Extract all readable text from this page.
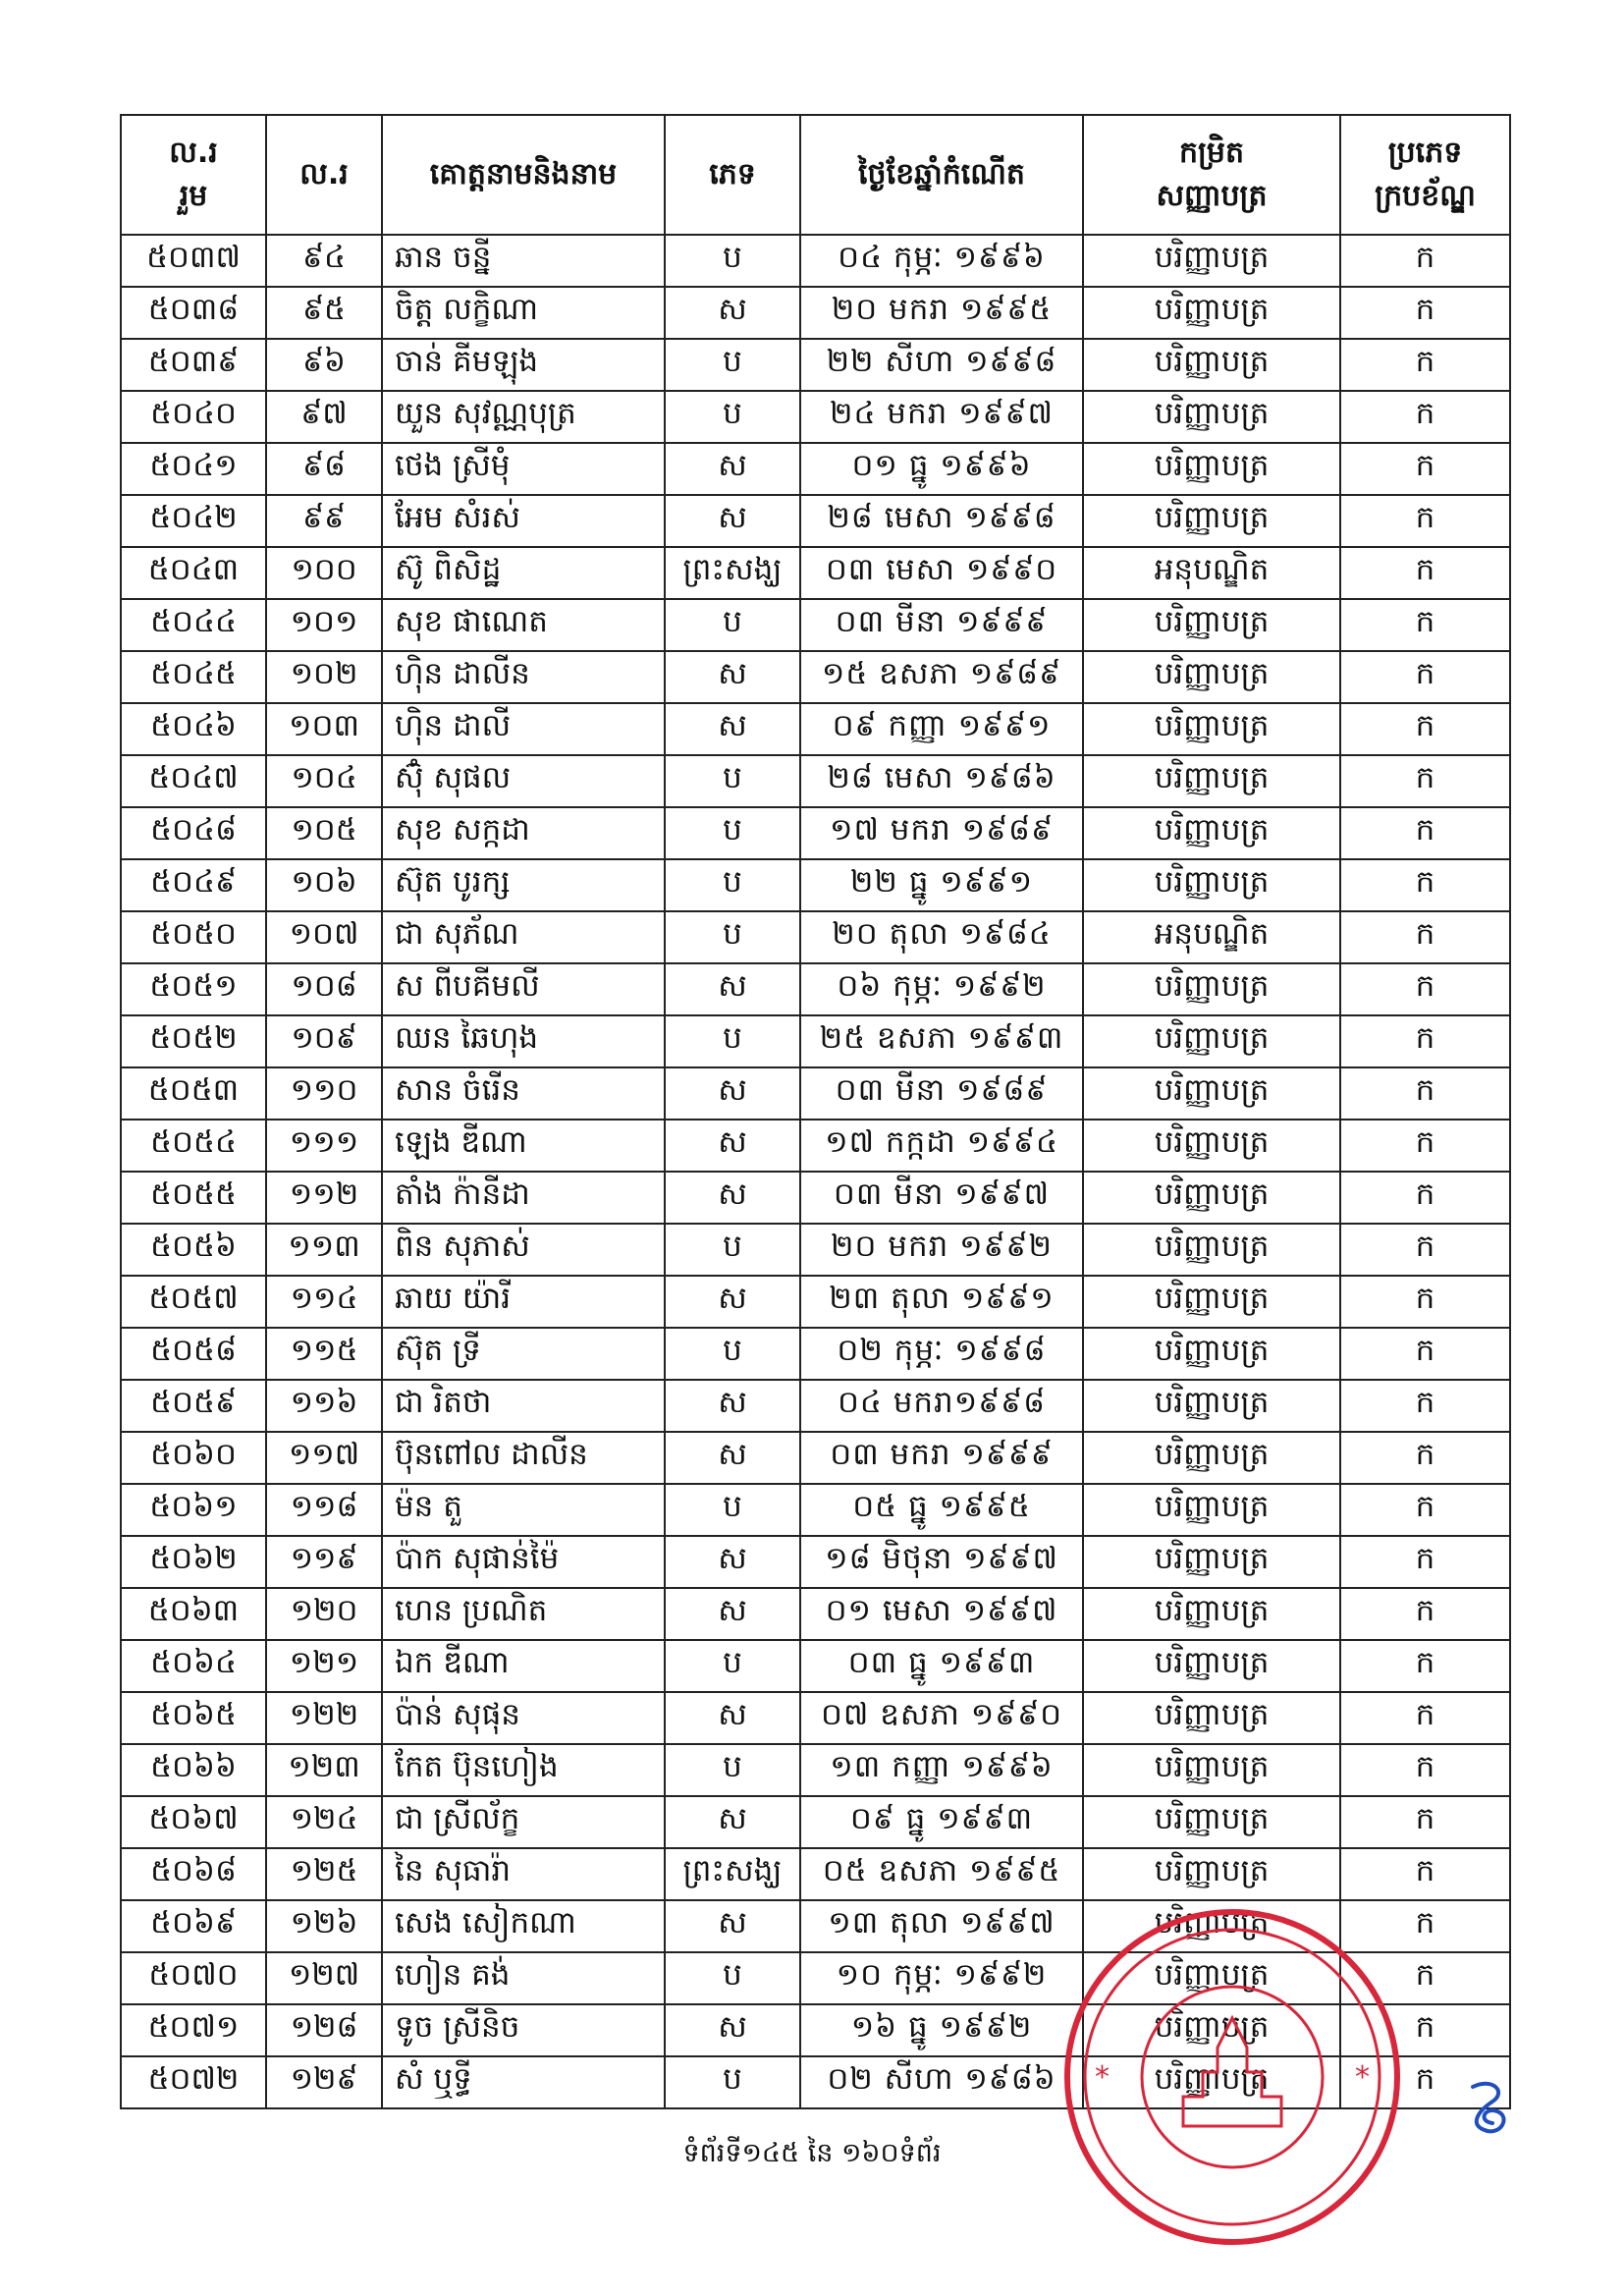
ល.រ
រួម	ល.រ	គោត្តនាមនិងនាម	ភេទ	ថ្ងៃខែឆ្នាំកំណើត	កម្រិត
សញ្ញាបត្រ	ប្រភេទ
ក្របខ័ណ្ឌ

៥០៣៧	៩៤	ឆាន ចន្នី	ប	០៤ កុម្ភៈ ១៩៩៦	បរិញ្ញាបត្រ	ក
៥០៣៨	៩៥	ចិត្ត លក្ខិណា	ស	២០ មករា ១៩៩៥	បរិញ្ញាបត្រ	ក
៥០៣៩	៩៦	ចាន់ គីមឡុង	ប	២២ សីហា ១៩៩៨	បរិញ្ញាបត្រ	ក
៥០៤០	៩៧	យួន សុវណ្ណបុត្រ	ប	២៤ មករា ១៩៩៧	បរិញ្ញាបត្រ	ក
៥០៤១	៩៨	ថេង ស្រីមុំ	ស	០១ ធ្នូ ១៩៩៦	បរិញ្ញាបត្រ	ក
៥០៤២	៩៩	អែម សំរស់	ស	២៨ មេសា ១៩៩៨	បរិញ្ញាបត្រ	ក
៥០៤៣	១០០	ស៊ូ ពិសិដ្ឋ	ព្រះសង្ឃ	០៣ មេសា ១៩៩០	អនុបណ្ឌិត	ក
៥០៤៤	១០១	សុខ ផាណេត	ប	០៣ មីនា ១៩៩៩	បរិញ្ញាបត្រ	ក
៥០៤៥	១០២	ហ៊ិន ដាលីន	ស	១៥ ឧសភា ១៩៨៩	បរិញ្ញាបត្រ	ក
៥០៤៦	១០៣	ហ៊ិន ដាលី	ស	០៩ កញ្ញា ១៩៩១	បរិញ្ញាបត្រ	ក
៥០៤៧	១០៤	ស៊ុំ សុផល	ប	២៨ មេសា ១៩៨៦	បរិញ្ញាបត្រ	ក
៥០៤៨	១០៥	សុខ សក្កដា	ប	១៧ មករា ១៩៨៩	បរិញ្ញាបត្រ	ក
៥០៤៩	១០៦	ស៊ុត បូរក្ស	ប	២២ ធ្នូ ១៩៩១	បរិញ្ញាបត្រ	ក
៥០៥០	១០៧	ជា សុភ័ណ	ប	២០ តុលា ១៩៨៤	អនុបណ្ឌិត	ក
៥០៥១	១០៨	ស ពីបគីមលី	ស	០៦ កុម្ភៈ ១៩៩២	បរិញ្ញាបត្រ	ក
៥០៥២	១០៩	ឈន ឆៃហុង	ប	២៥ ឧសភា ១៩៩៣	បរិញ្ញាបត្រ	ក
៥០៥៣	១១០	សាន ចំរើន	ស	០៣ មីនា ១៩៨៩	បរិញ្ញាបត្រ	ក
៥០៥៤	១១១	ឡេង ឌីណា	ស	១៧ កក្កដា ១៩៩៤	បរិញ្ញាបត្រ	ក
៥០៥៥	១១២	តាំង ក៉ានីដា	ស	០៣ មីនា ១៩៩៧	បរិញ្ញាបត្រ	ក
៥០៥៦	១១៣	ពិន សុភាស់	ប	២០ មករា ១៩៩២	បរិញ្ញាបត្រ	ក
៥០៥៧	១១៤	ឆាយ យ៉ារី	ស	២៣ តុលា ១៩៩១	បរិញ្ញាបត្រ	ក
៥០៥៨	១១៥	ស៊ុត ទ្រី	ប	០២ កុម្ភៈ ១៩៩៨	បរិញ្ញាបត្រ	ក
៥០៥៩	១១៦	ជា រិតថា	ស	០៤ មករា១៩៩៨	បរិញ្ញាបត្រ	ក
៥០៦០	១១៧	ប៊ុនពៅល ដាលីន	ស	០៣ មករា ១៩៩៩	បរិញ្ញាបត្រ	ក
៥០៦១	១១៨	ម៉ន តួ	ប	០៥ ធ្នូ ១៩៩៥	បរិញ្ញាបត្រ	ក
៥០៦២	១១៩	ប៉ាក សុផាន់ម៉ៃ	ស	១៨ មិថុនា ១៩៩៧	បរិញ្ញាបត្រ	ក
៥០៦៣	១២០	ហេន ប្រណិត	ស	០១ មេសា ១៩៩៧	បរិញ្ញាបត្រ	ក
៥០៦៤	១២១	ឯក ឌីណា	ប	០៣ ធ្នូ ១៩៩៣	បរិញ្ញាបត្រ	ក
៥០៦៥	១២២	ប៉ាន់ សុផុន	ស	០៧ ឧសភា ១៩៩០	បរិញ្ញាបត្រ	ក
៥០៦៦	១២៣	កែត ប៊ុនហៀង	ប	១៣ កញ្ញា ១៩៩៦	បរិញ្ញាបត្រ	ក
៥០៦៧	១២៤	ជា ស្រីល័ក្ខ	ស	០៩ ធ្នូ ១៩៩៣	បរិញ្ញាបត្រ	ក
៥០៦៨	១២៥	នៃ សុធារ៉ា	ព្រះសង្ឃ	០៥ ឧសភា ១៩៩៥	បរិញ្ញាបត្រ	ក
៥០៦៩	១២៦	សេង សៀកណា	ស	១៣ តុលា ១៩៩៧	បរិញ្ញាបត្រ	ក
៥០៧០	១២៧	ហៀន គង់	ប	១០ កុម្ភៈ ១៩៩២	បរិញ្ញាបត្រ	ក
៥០៧១	១២៨	ទូច ស្រីនិច	ស	១៦ ធ្នូ ១៩៩២	បរិញ្ញាបត្រ	ក
៥០៧២	១២៩	សំ ឬទ្ធី	ប	០២ សីហា ១៩៨៦	បរិញ្ញាបត្រ	ក
*	*
ទំព័រទី១៤៥ នៃ ១៦០ទំព័រ
